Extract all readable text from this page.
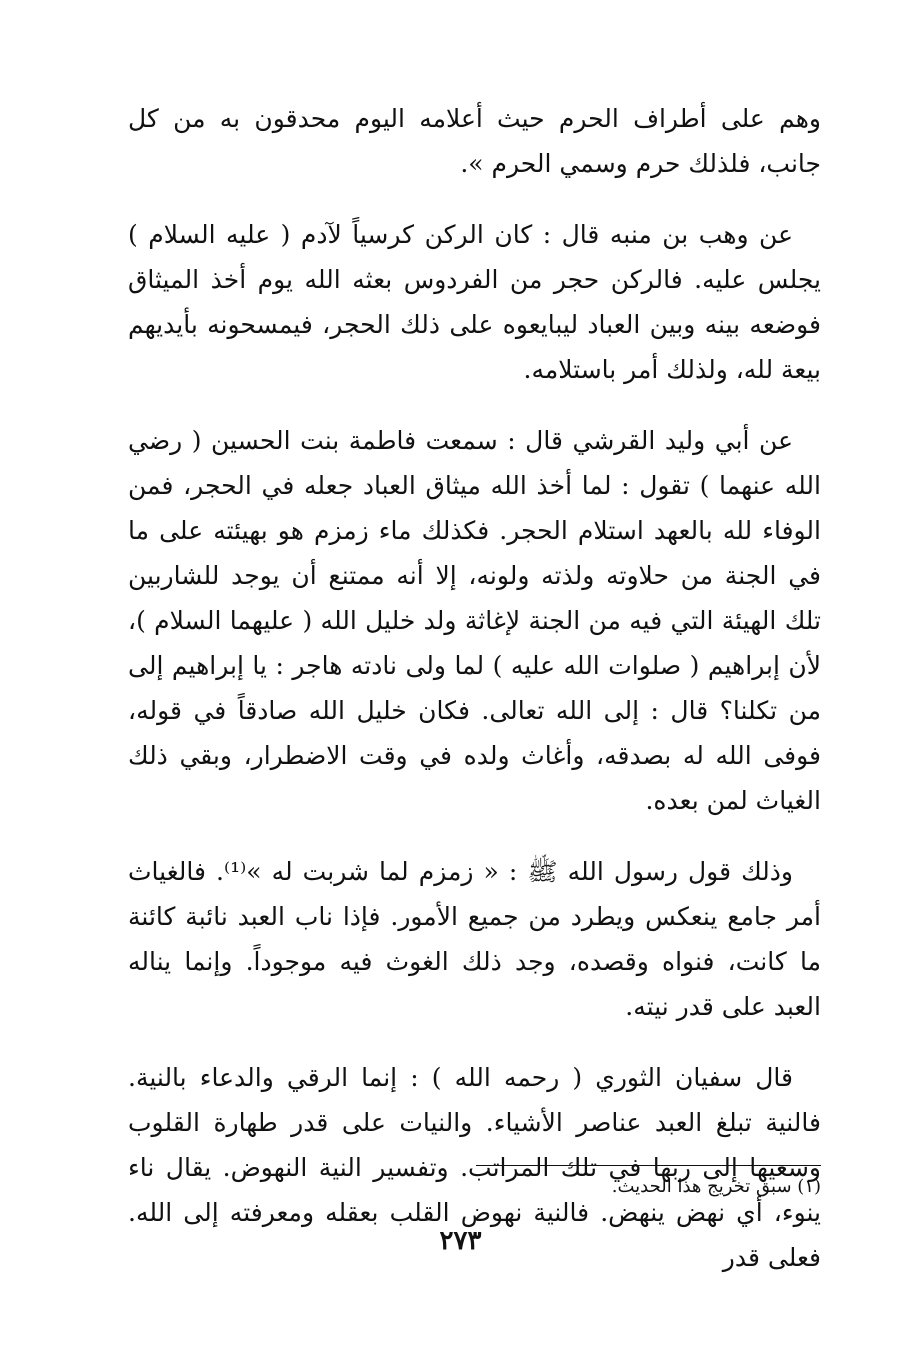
وهم على أطراف الحرم حيث أعلامه اليوم محدقون به من كل جانب، فلذلك حرم وسمي الحرم ».

عن وهب بن منبه قال : كان الركن كرسياً لآدم ( عليه السلام ) يجلس عليه. فالركن حجر من الفردوس بعثه الله يوم أخذ الميثاق فوضعه بينه وبين العباد ليبايعوه على ذلك الحجر، فيمسحونه بأيديهم بيعة لله، ولذلك أمر باستلامه.

عن أبي وليد القرشي قال : سمعت فاطمة بنت الحسين ( رضي الله عنهما ) تقول : لما أخذ الله ميثاق العباد جعله في الحجر، فمن الوفاء لله بالعهد استلام الحجر. فكذلك ماء زمزم هو بهيئته على ما في الجنة من حلاوته ولذته ولونه، إلا أنه ممتنع أن يوجد للشاربين تلك الهيئة التي فيه من الجنة لإغاثة ولد خليل الله ( عليهما السلام )، لأن إبراهيم ( صلوات الله عليه ) لما ولى نادته هاجر : يا إبراهيم إلى من تكلنا؟ قال : إلى الله تعالى. فكان خليل الله صادقاً في قوله، فوفى الله له بصدقه، وأغاث ولده في وقت الاضطرار، وبقي ذلك الغياث لمن بعده.

وذلك قول رسول الله ﷺ : « زمزم لما شربت له »⁽¹⁾. فالغياث أمر جامع ينعكس ويطرد من جميع الأمور. فإذا ناب العبد نائبة كائنة ما كانت، فنواه وقصده، وجد ذلك الغوث فيه موجوداً. وإنما يناله العبد على قدر نيته.

قال سفيان الثوري ( رحمه الله ) : إنما الرقي والدعاء بالنية. فالنية تبلغ العبد عناصر الأشياء. والنيات على قدر طهارة القلوب وسعيها إلى ربها في تلك المراتب. وتفسير النية النهوض. يقال ناء ينوء، أي نهض ينهض. فالنية نهوض القلب بعقله ومعرفته إلى الله. فعلى قدر

(١) سبق تخريج هذا الحديث.
٢٧٣
